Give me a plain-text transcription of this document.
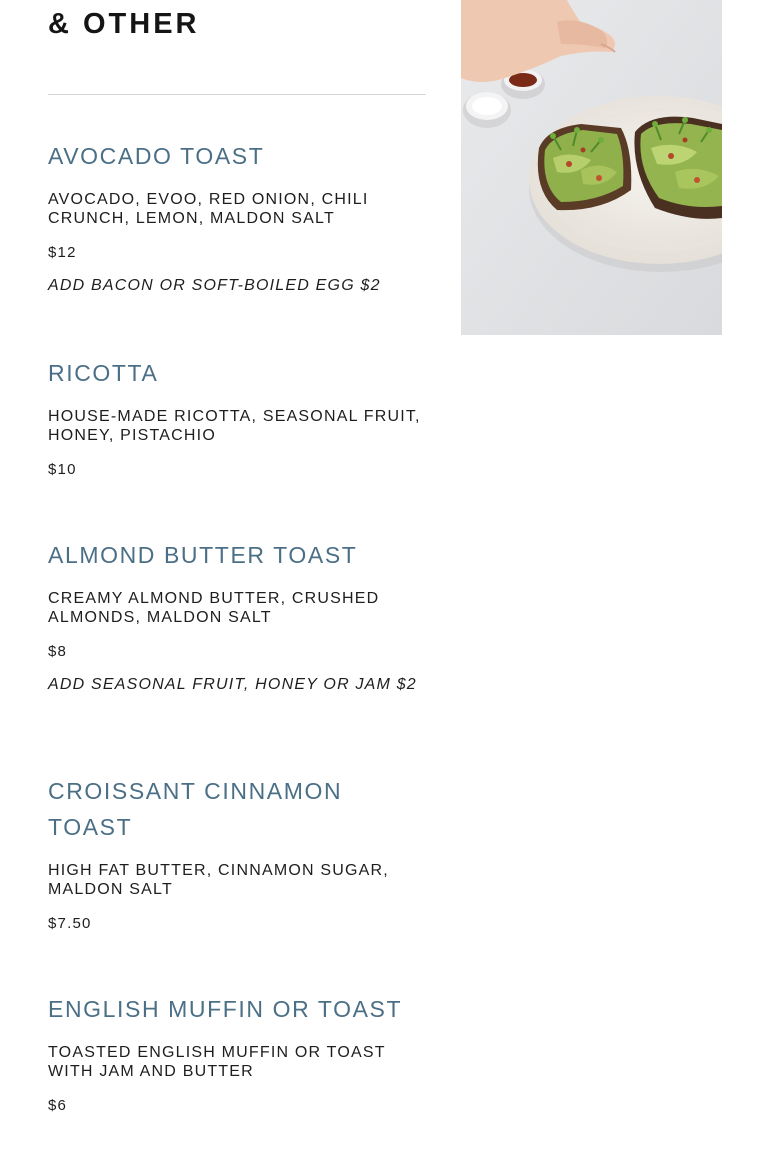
& OTHER
AVOCADO TOAST

AVOCADO, EVOO, RED ONION, CHILI CRUNCH, LEMON, MALDON SALT

$12

ADD BACON OR SOFT-BOILED EGG $2

RICOTTA

HOUSE-MADE RICOTTA, SEASONAL FRUIT, HONEY, PISTACHIO

$10

ALMOND BUTTER TOAST

CREAMY ALMOND BUTTER, CRUSHED ALMONDS, MALDON SALT

$8

ADD SEASONAL FRUIT, HONEY OR JAM $2

CROISSANT CINNAMON TOAST

HIGH FAT BUTTER, CINNAMON SUGAR, MALDON SALT

$7.50

ENGLISH MUFFIN OR TOAST

TOASTED ENGLISH MUFFIN OR TOAST WITH JAM AND BUTTER

$6
